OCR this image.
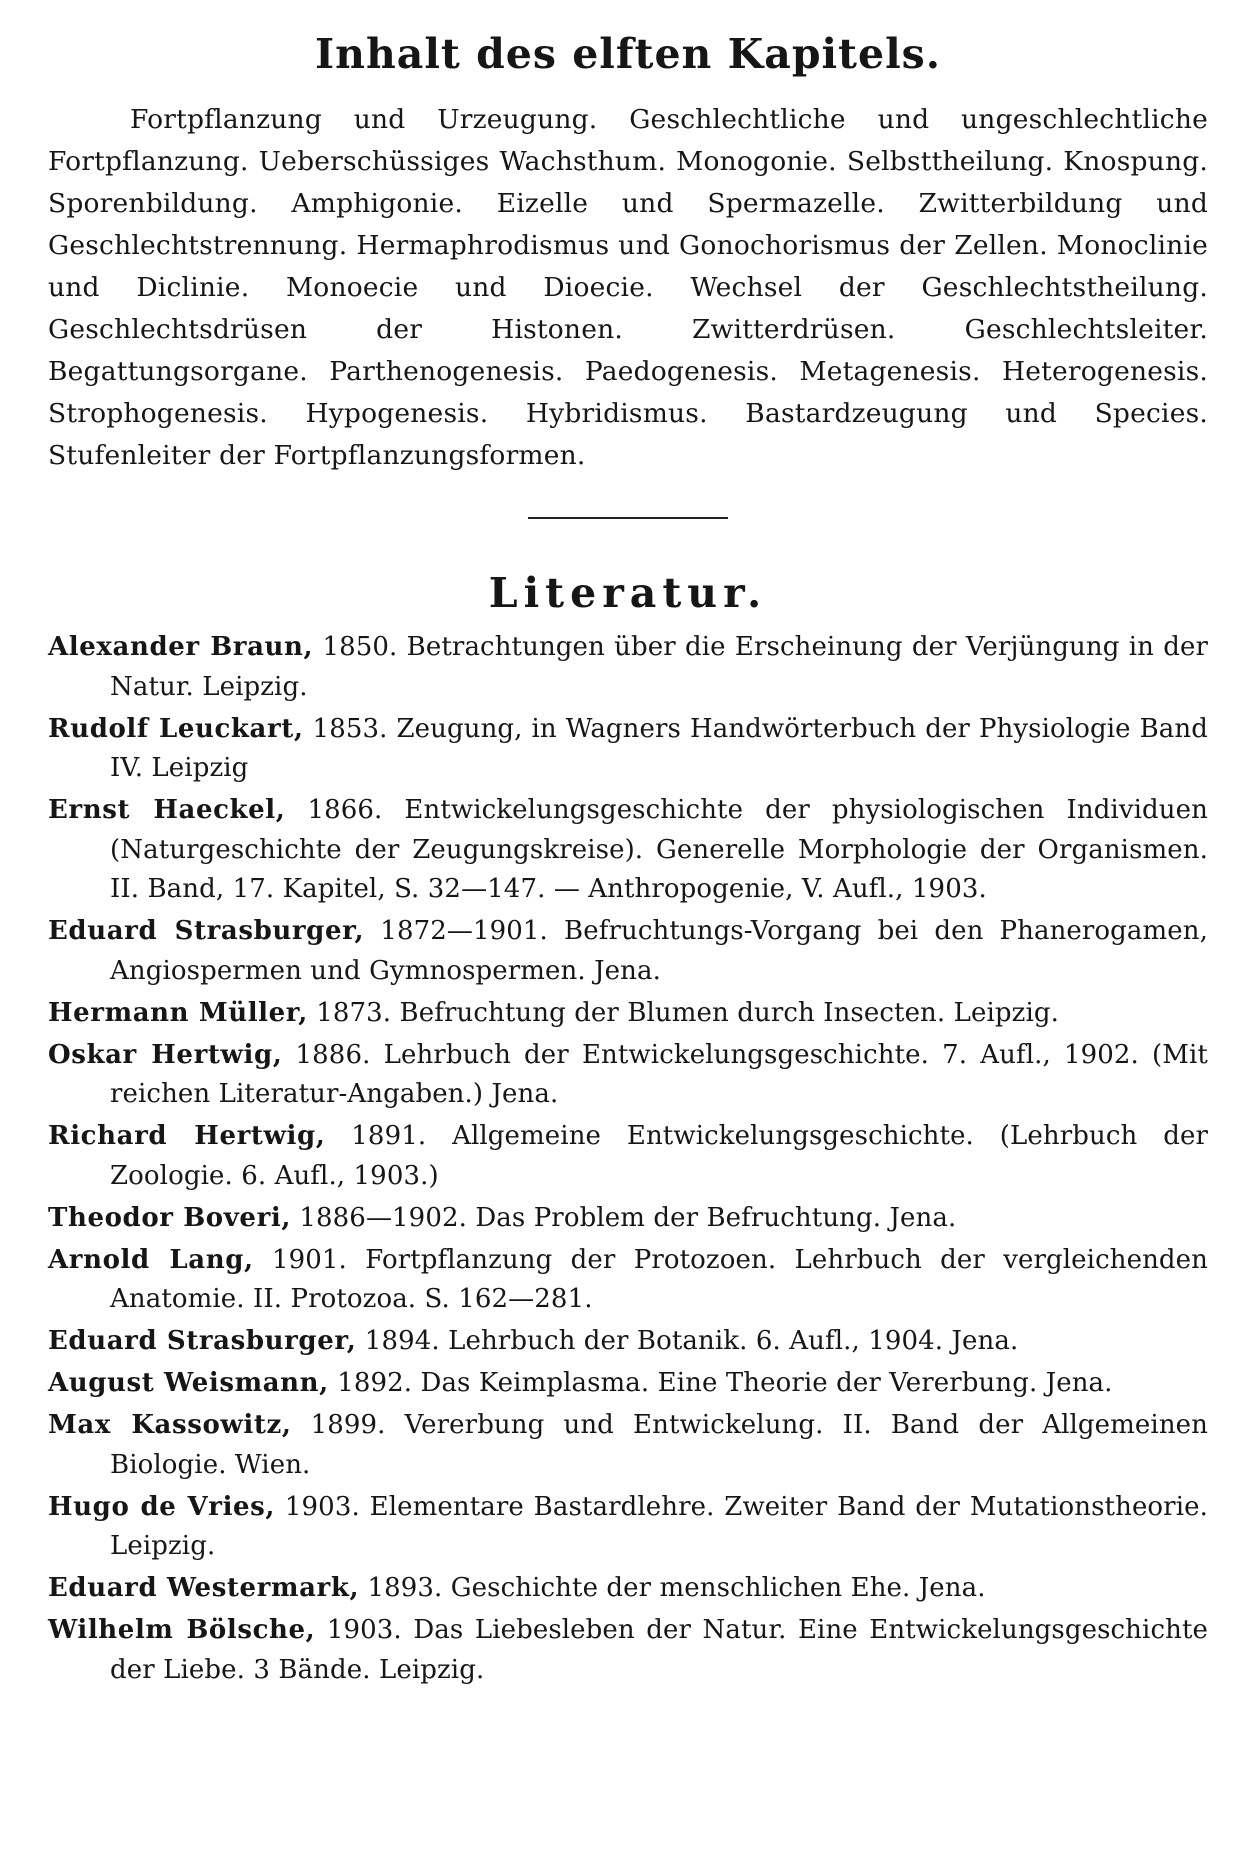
Inhalt des elften Kapitels.

Fortpflanzung und Urzeugung. Geschlechtliche und ungeschlechtliche Fortpflanzung. Ueberschüssiges Wachsthum. Monogonie. Selbsttheilung. Knospung. Sporenbildung. Amphigonie. Eizelle und Spermazelle. Zwitterbildung und Geschlechtstrennung. Hermaphrodismus und Gonochorismus der Zellen. Monoclinie und Diclinie. Monoecie und Dioecie. Wechsel der Geschlechtstheilung. Geschlechtsdrüsen der Histonen. Zwitterdrüsen. Geschlechtsleiter. Begattungsorgane. Parthenogenesis. Paedogenesis. Metagenesis. Heterogenesis. Strophogenesis. Hypogenesis. Hybridismus. Bastardzeugung und Species. Stufenleiter der Fortpflanzungsformen.

Literatur.
Alexander Braun, 1850. Betrachtungen über die Erscheinung der Verjüngung in der Natur. Leipzig.
Rudolf Leuckart, 1853. Zeugung, in Wagners Handwörterbuch der Physiologie Band IV. Leipzig
Ernst Haeckel, 1866. Entwickelungsgeschichte der physiologischen Individuen (Naturgeschichte der Zeugungskreise). Generelle Morphologie der Organismen. II. Band, 17. Kapitel, S. 32—147. — Anthropogenie, V. Aufl., 1903.
Eduard Strasburger, 1872—1901. Befruchtungs-Vorgang bei den Phanerogamen, Angiospermen und Gymnospermen. Jena.
Hermann Müller, 1873. Befruchtung der Blumen durch Insecten. Leipzig.
Oskar Hertwig, 1886. Lehrbuch der Entwickelungsgeschichte. 7. Aufl., 1902. (Mit reichen Literatur-Angaben.) Jena.
Richard Hertwig, 1891. Allgemeine Entwickelungsgeschichte. (Lehrbuch der Zoologie. 6. Aufl., 1903.)
Theodor Boveri, 1886—1902. Das Problem der Befruchtung. Jena.
Arnold Lang, 1901. Fortpflanzung der Protozoen. Lehrbuch der vergleichenden Anatomie. II. Protozoa. S. 162—281.
Eduard Strasburger, 1894. Lehrbuch der Botanik. 6. Aufl., 1904. Jena.
August Weismann, 1892. Das Keimplasma. Eine Theorie der Vererbung. Jena.
Max Kassowitz, 1899. Vererbung und Entwickelung. II. Band der Allgemeinen Biologie. Wien.
Hugo de Vries, 1903. Elementare Bastardlehre. Zweiter Band der Mutationstheorie. Leipzig.
Eduard Westermark, 1893. Geschichte der menschlichen Ehe. Jena.
Wilhelm Bölsche, 1903. Das Liebesleben der Natur. Eine Entwickelungsgeschichte der Liebe. 3 Bände. Leipzig.
